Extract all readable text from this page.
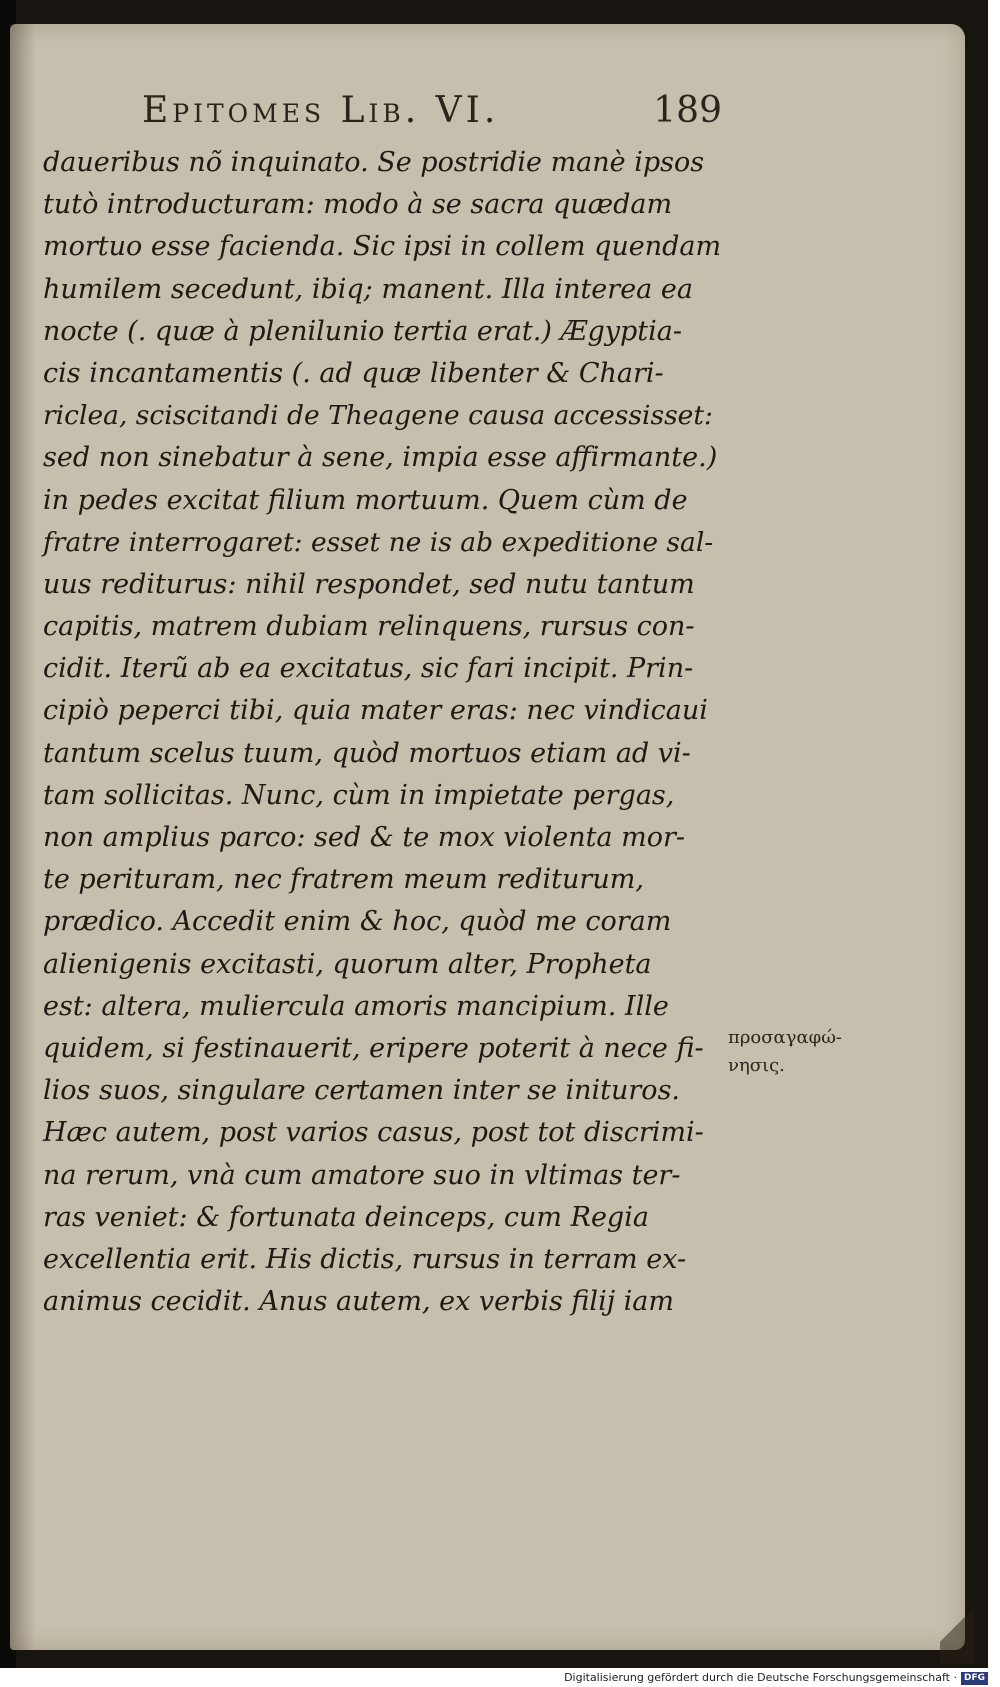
Epitomes Lib. VI.	189
daueribus nõ inquinato. Se postridie manè ipsos
tutò introducturam: modo à se sacra quædam
mortuo esse facienda. Sic ipsi in collem quendam
humilem secedunt, ibiq; manent. Illa interea ea
nocte (. quæ à plenilunio tertia erat.) Ægyptia-
cis incantamentis (. ad quæ libenter & Chari-
riclea, sciscitandi de Theagene causa accessisset:
sed non sinebatur à sene, impia esse affirmante.)
in pedes excitat filium mortuum. Quem cùm de
fratre interrogaret: esset ne is ab expeditione sal-
uus rediturus: nihil respondet, sed nutu tantum
capitis, matrem dubiam relinquens, rursus con-
cidit. Iterũ ab ea excitatus, sic fari incipit. Prin-
cipiò peperci tibi, quia mater eras: nec vindicaui
tantum scelus tuum, quòd mortuos etiam ad vi-
tam sollicitas. Nunc, cùm in impietate pergas,
non amplius parco: sed & te mox violenta mor-
te perituram, nec fratrem meum rediturum,
prædico. Accedit enim & hoc, quòd me coram
alienigenis excitasti, quorum alter, Propheta
est: altera, muliercula amoris mancipium. Ille
quidem, si festinauerit, eripere poterit à nece fi-
lios suos, singulare certamen inter se inituros.
Hæc autem, post varios casus, post tot discrimi-
na rerum, vnà cum amatore suo in vltimas ter-
ras veniet: & fortunata deinceps, cum Regia
excellentia erit. His dictis, rursus in terram ex-
animus cecidit. Anus autem, ex verbis filij iam
προσαγαφώ-
νησις.
Digitalisierung gefördert durch die Deutsche Forschungsgemeinschaft · DFG
